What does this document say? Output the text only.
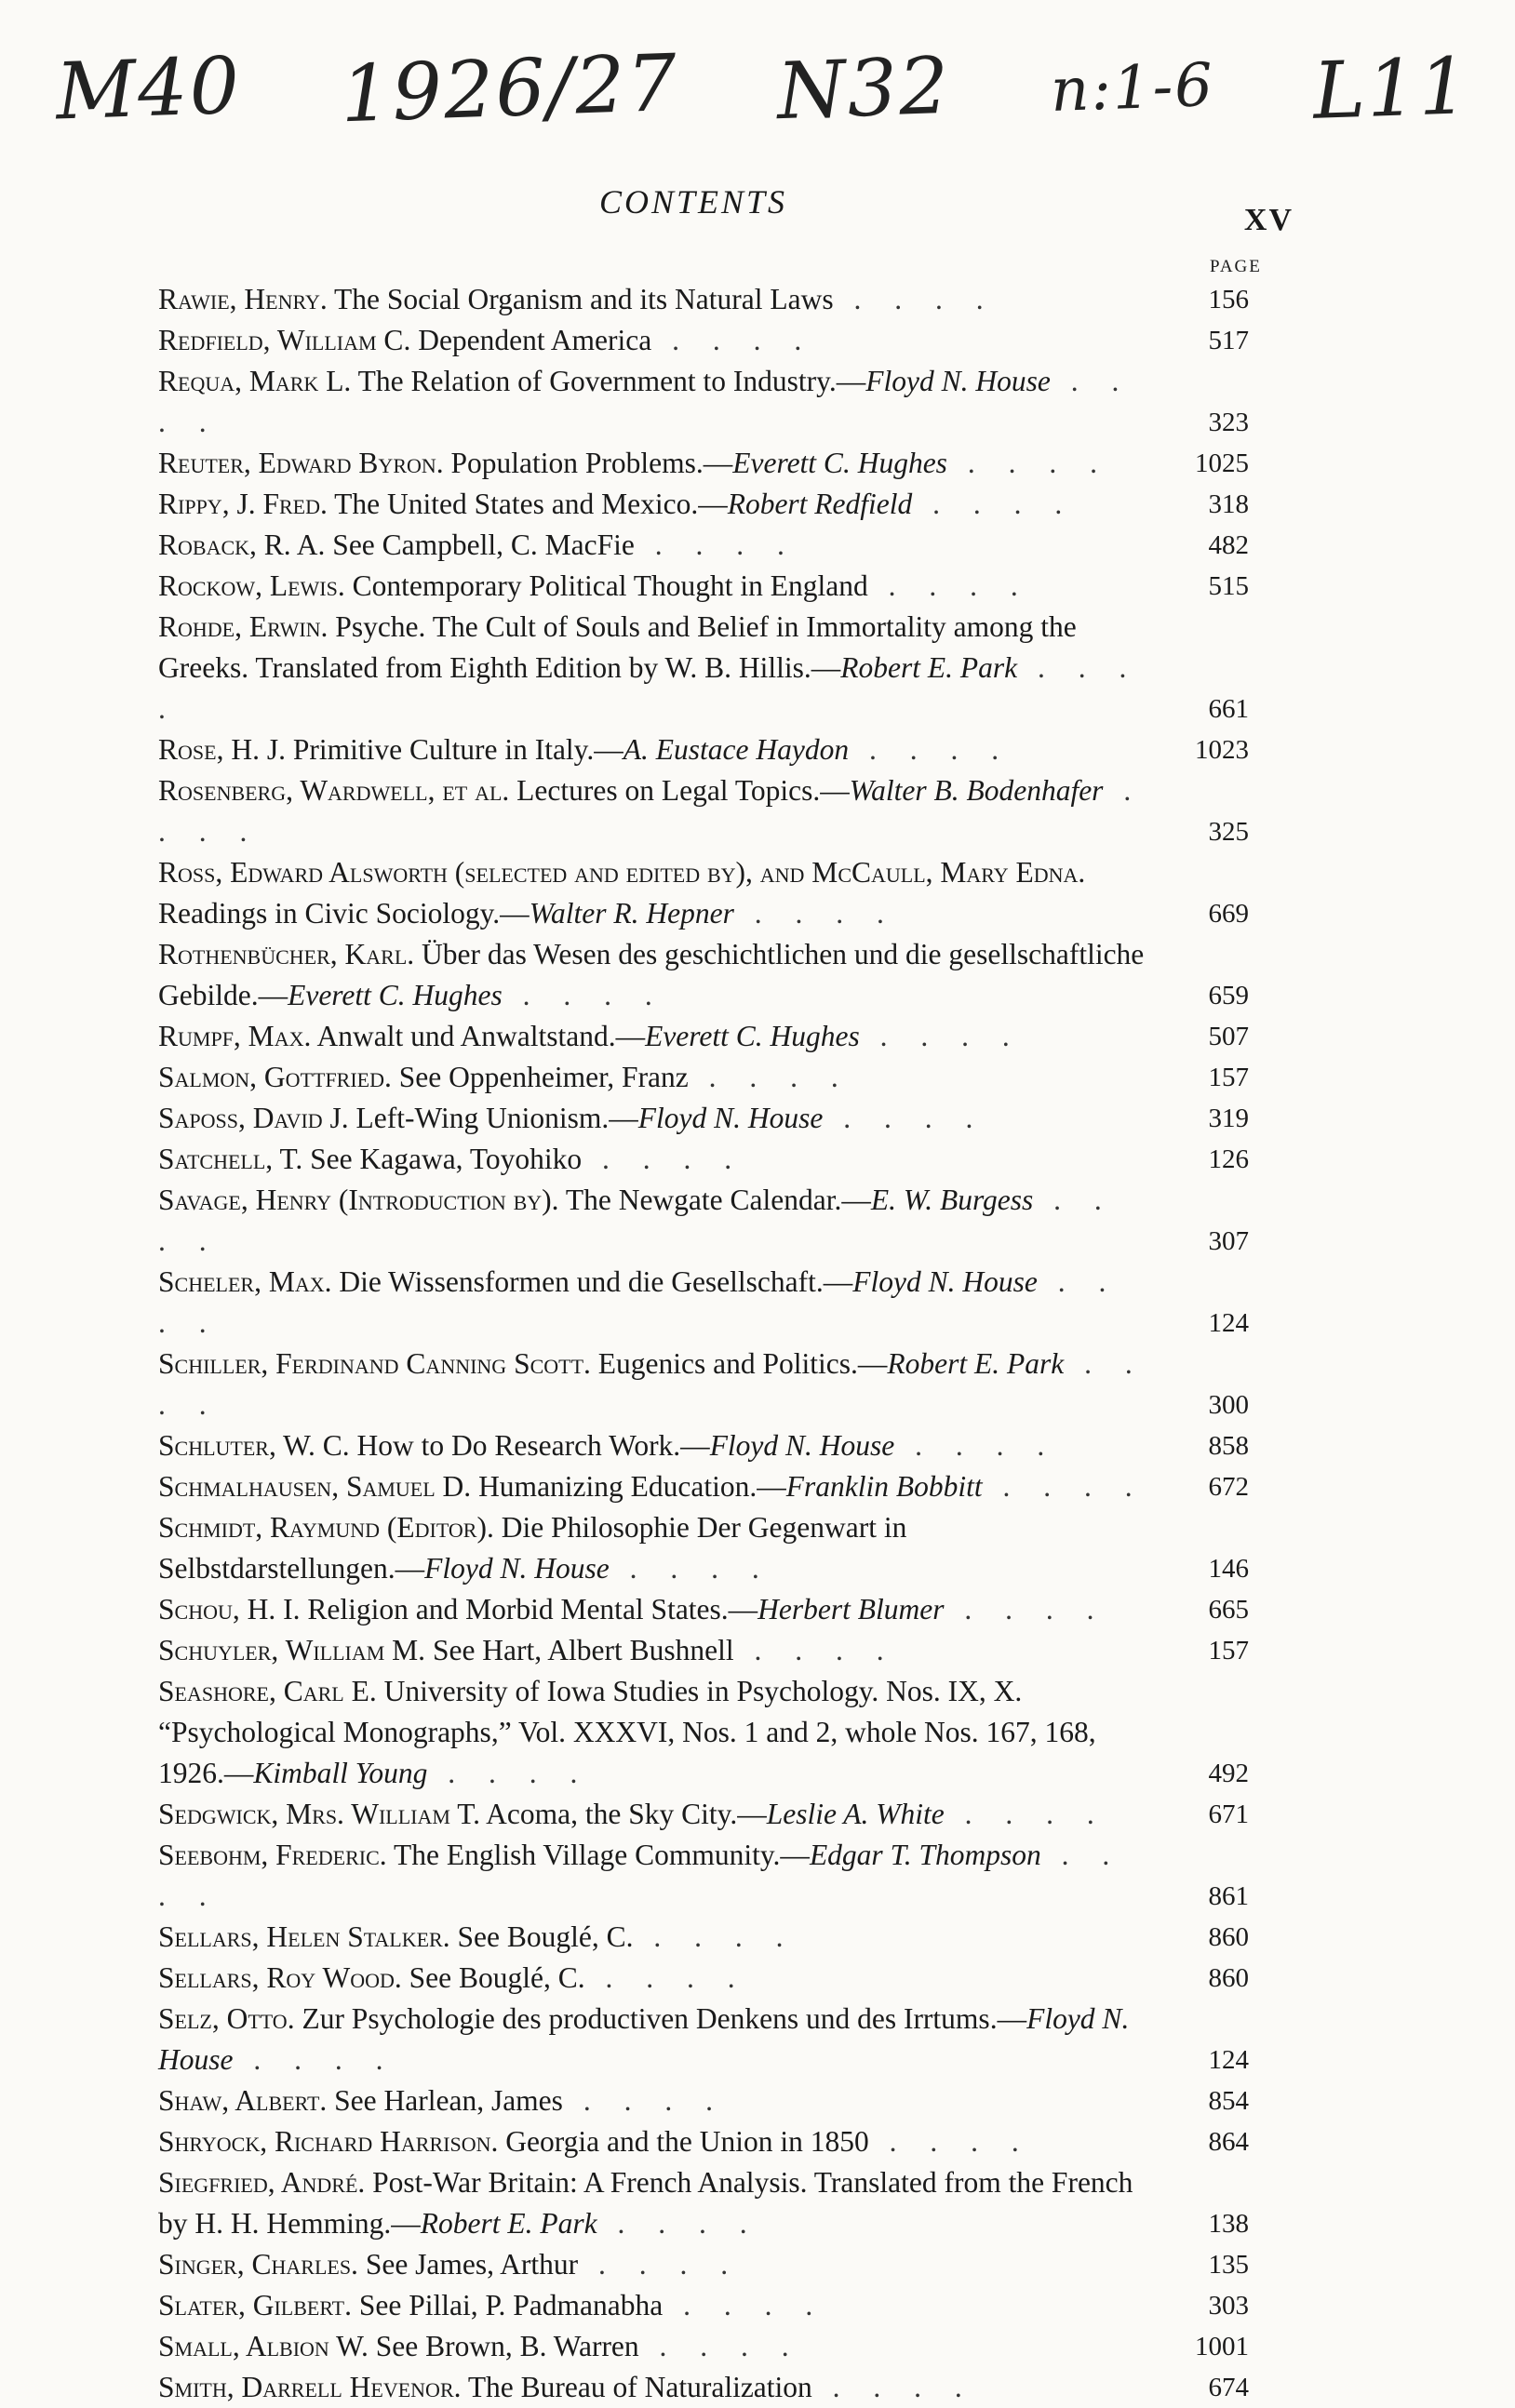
M40 1926/27 N32 n:1-6 L11
CONTENTS	XV
PAGE
Rawie, Henry. The Social Organism and its Natural Laws . . . .	156
Redfield, William C. Dependent America . . . .	517
Requa, Mark L. The Relation of Government to Industry.—Floyd N. House . . . .	323
Reuter, Edward Byron. Population Problems.—Everett C. Hughes . . . .	1025
Rippy, J. Fred. The United States and Mexico.—Robert Redfield . . . .	318
Roback, R. A. See Campbell, C. MacFie . . . .	482
Rockow, Lewis. Contemporary Political Thought in England . . . .	515
Rohde, Erwin. Psyche. The Cult of Souls and Belief in Immortality among the Greeks. Translated from Eighth Edition by W. B. Hillis.—Robert E. Park . . . .	661
Rose, H. J. Primitive Culture in Italy.—A. Eustace Haydon . . . .	1023
Rosenberg, Wardwell, et al. Lectures on Legal Topics.—Walter B. Bodenhafer . . . .	325
Ross, Edward Alsworth (selected and edited by), and McCaull, Mary Edna. Readings in Civic Sociology.—Walter R. Hepner . . . .	669
Rothenbücher, Karl. Über das Wesen des geschichtlichen und die gesellschaftliche Gebilde.—Everett C. Hughes . . . .	659
Rumpf, Max. Anwalt und Anwaltstand.—Everett C. Hughes . . . .	507
Salmon, Gottfried. See Oppenheimer, Franz . . . .	157
Saposs, David J. Left-Wing Unionism.—Floyd N. House . . . .	319
Satchell, T. See Kagawa, Toyohiko . . . .	126
Savage, Henry (Introduction by). The Newgate Calendar.—E. W. Burgess . . . .	307
Scheler, Max. Die Wissensformen und die Gesellschaft.—Floyd N. House . . . .	124
Schiller, Ferdinand Canning Scott. Eugenics and Politics.—Robert E. Park . . . .	300
Schluter, W. C. How to Do Research Work.—Floyd N. House . . . .	858
Schmalhausen, Samuel D. Humanizing Education.—Franklin Bobbitt . . . .	672
Schmidt, Raymund (Editor). Die Philosophie Der Gegenwart in Selbstdarstellungen.—Floyd N. House . . . .	146
Schou, H. I. Religion and Morbid Mental States.—Herbert Blumer . . . .	665
Schuyler, William M. See Hart, Albert Bushnell . . . .	157
Seashore, Carl E. University of Iowa Studies in Psychology. Nos. IX, X. “Psychological Monographs,” Vol. XXXVI, Nos. 1 and 2, whole Nos. 167, 168, 1926.—Kimball Young . . . .	492
Sedgwick, Mrs. William T. Acoma, the Sky City.—Leslie A. White . . . .	671
Seebohm, Frederic. The English Village Community.—Edgar T. Thompson . . . .	861
Sellars, Helen Stalker. See Bouglé, C. . . . .	860
Sellars, Roy Wood. See Bouglé, C. . . . .	860
Selz, Otto. Zur Psychologie des productiven Denkens und des Irrtums.—Floyd N. House . . . .	124
Shaw, Albert. See Harlean, James . . . .	854
Shryock, Richard Harrison. Georgia and the Union in 1850 . . . .	864
Siegfried, André. Post-War Britain: A French Analysis. Translated from the French by H. H. Hemming.—Robert E. Park . . . .	138
Singer, Charles. See James, Arthur . . . .	135
Slater, Gilbert. See Pillai, P. Padmanabha . . . .	303
Small, Albion W. See Brown, B. Warren . . . .	1001
Smith, Darrell Hevenor. The Bureau of Naturalization . . . .	674
